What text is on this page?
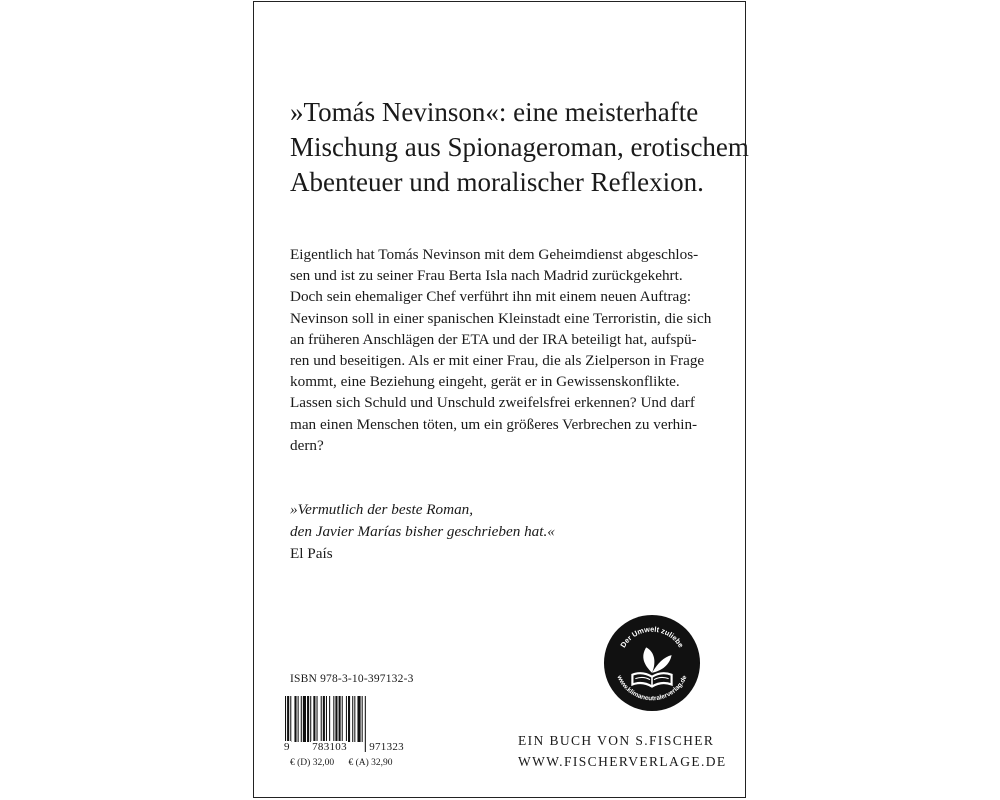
»Tomás Nevinson«: eine meisterhafte
Mischung aus Spionageroman, erotischem
Abenteuer und moralischer Reflexion.

Eigentlich hat Tomás Nevinson mit dem Geheimdienst abgeschlos-
sen und ist zu seiner Frau Berta Isla nach Madrid zurückgekehrt.
Doch sein ehemaliger Chef verführt ihn mit einem neuen Auftrag:
Nevinson soll in einer spanischen Kleinstadt eine Terroristin, die sich
an früheren Anschlägen der ETA und der IRA beteiligt hat, aufspü-
ren und beseitigen. Als er mit einer Frau, die als Zielperson in Frage
kommt, eine Beziehung eingeht, gerät er in Gewissenskonflikte.
Lassen sich Schuld und Unschuld zweifelsfrei erkennen? Und darf
man einen Menschen töten, um ein größeres Verbrechen zu verhin-
dern?

»Vermutlich der beste Roman,
den Javier Marías bisher geschrieben hat.«
El País

ISBN 978-3-10-397132-3
9 783103 971323
€ (D) 32,00 € (A) 32,90
Der Umwelt zuliebe
www.klimaneutralerverlag.de
EIN BUCH VON S.FISCHER
WWW.FISCHERVERLAGE.DE
